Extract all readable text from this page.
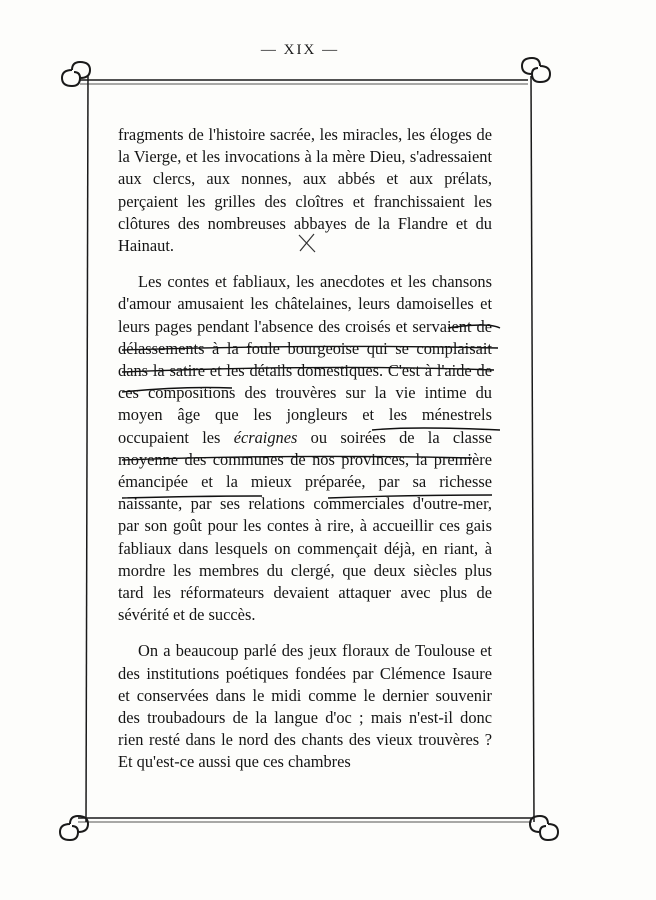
— XIX —

fragments de l'histoire sacrée, les miracles, les éloges de la Vierge, et les invocations à la mère Dieu, s'adressaient aux clercs, aux nonnes, aux abbés et aux prélats, perçaient les grilles des cloîtres et franchissaient les clôtures des nombreuses abbayes de la Flandre et du Hainaut.

Les contes et fabliaux, les anecdotes et les chansons d'amour amusaient les châtelaines, leurs damoiselles et leurs pages pendant l'absence des croisés et servaient de délassements à la foule bourgeoise qui se complaisait dans la satire et les détails domestiques. C'est à l'aide de ces compositions des trouvères sur la vie intime du moyen âge que les jongleurs et les ménestrels occupaient les écraignes ou soirées de la classe moyenne des communes de nos provinces, la première émancipée et la mieux préparée, par sa richesse naissante, par ses relations commerciales d'outre-mer, par son goût pour les contes à rire, à accueillir ces gais fabliaux dans lesquels on commençait déjà, en riant, à mordre les membres du clergé, que deux siècles plus tard les réformateurs devaient attaquer avec plus de sévérité et de succès.

On a beaucoup parlé des jeux floraux de Toulouse et des institutions poétiques fondées par Clémence Isaure et conservées dans le midi comme le dernier souvenir des troubadours de la langue d'oc ; mais n'est-il donc rien resté dans le nord des chants des vieux trouvères ? Et qu'est-ce aussi que ces chambres
